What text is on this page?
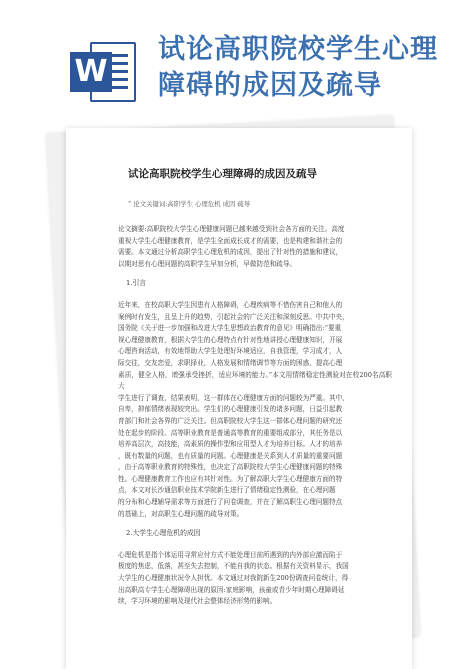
W
试论高职院校学生心理
障碍的成因及疏导
试论高职院校学生心理障碍的成因及疏导
” 论文关键词:高职学生 心理危机 成因 疏导

论文摘要:高职院校大学生心理健康问题已越来越受到社会各方面的关注。高度

重视大学生心理健康教育，是学生全面成长成才的需要，也是构建和谐社会的

需要。本文通过分析高职学生心理危机的成因，提出了针对性的措施和建议，

以期对思有心理问题的高职学生早加分析，早做防范和疏导。

1.引言

近年来，在校高职大学生因患有人格障碍，心理疾病等不惜伤害自己和他人的

案例时有发生，且呈上升的趋势，引起社会的广泛关注和深刻反思。中共中央，

国务院《关于进一步加强和改进大学生思想政治教育的意见》明确指出:“要重

视心理健康教育，根据大学生的心理特点有针对性地讲授心理健康知识，开展

心理咨询活动，有效地帮助大学生处理好环境适应，自我管理，学习成才，人

际交往，交友恋爱，求职择业，人格发展和情绪调节等方面的困惑，提高心理

素质，健全人格，增强承受挫折，适应环境的能力。”本文用情绪稳定性测验对在校200名高职大

学生进行了调查，结果表明，这一群体在心理健康方面的问题较为严重。其中，

自卑，抑郁情绪表现较突出。学生们的心理健康引发的诸多问题，日益引起教

育部门和社会各界的广泛关注。但高职院校大学生这一群体心理问题的研究还

处在起步的阶段。高等职业教育是普通高等教育的重要组成部分，其任务是以

培养高层次，高技能，高素质的操作型和应用型人才为培养目标。人才的培养

，既有数量的问题，也有质量的问题。心理健康是关系到人才质量的重要问题

，由于高等职业教育的特殊性，也决定了高职院校大学生心理健康问题的特殊

性。心理健康教育工作也应有其针对性。为了解高职大学生心理健康方面的特

点，本文对长沙通信职业技术学院新生进行了情绪稳定性测验，在心理问题

的分布和心理辅导需求等方面进行了问卷调查，并在了解高职生心理问题特点

的基础上，对高职生心理问题的疏导对策。

2.大学生心理危机的成因

心理危机是指个体运用寻常应付方式不能处理目前所遇到的内外部应激而陷于

极度的焦虑，低落，甚至失去控制，不能自我的状态。根据有关资料显示，我国

大学生的心理健康状况令人担忧。本文通过对我院新生200份调查问卷统计，得

出高职高专学生心理障碍出现的原因:家庭影响，孩童或青少年时期心理障碍延

续，学习环境的影响及现代社会整体经济形势的影响。
